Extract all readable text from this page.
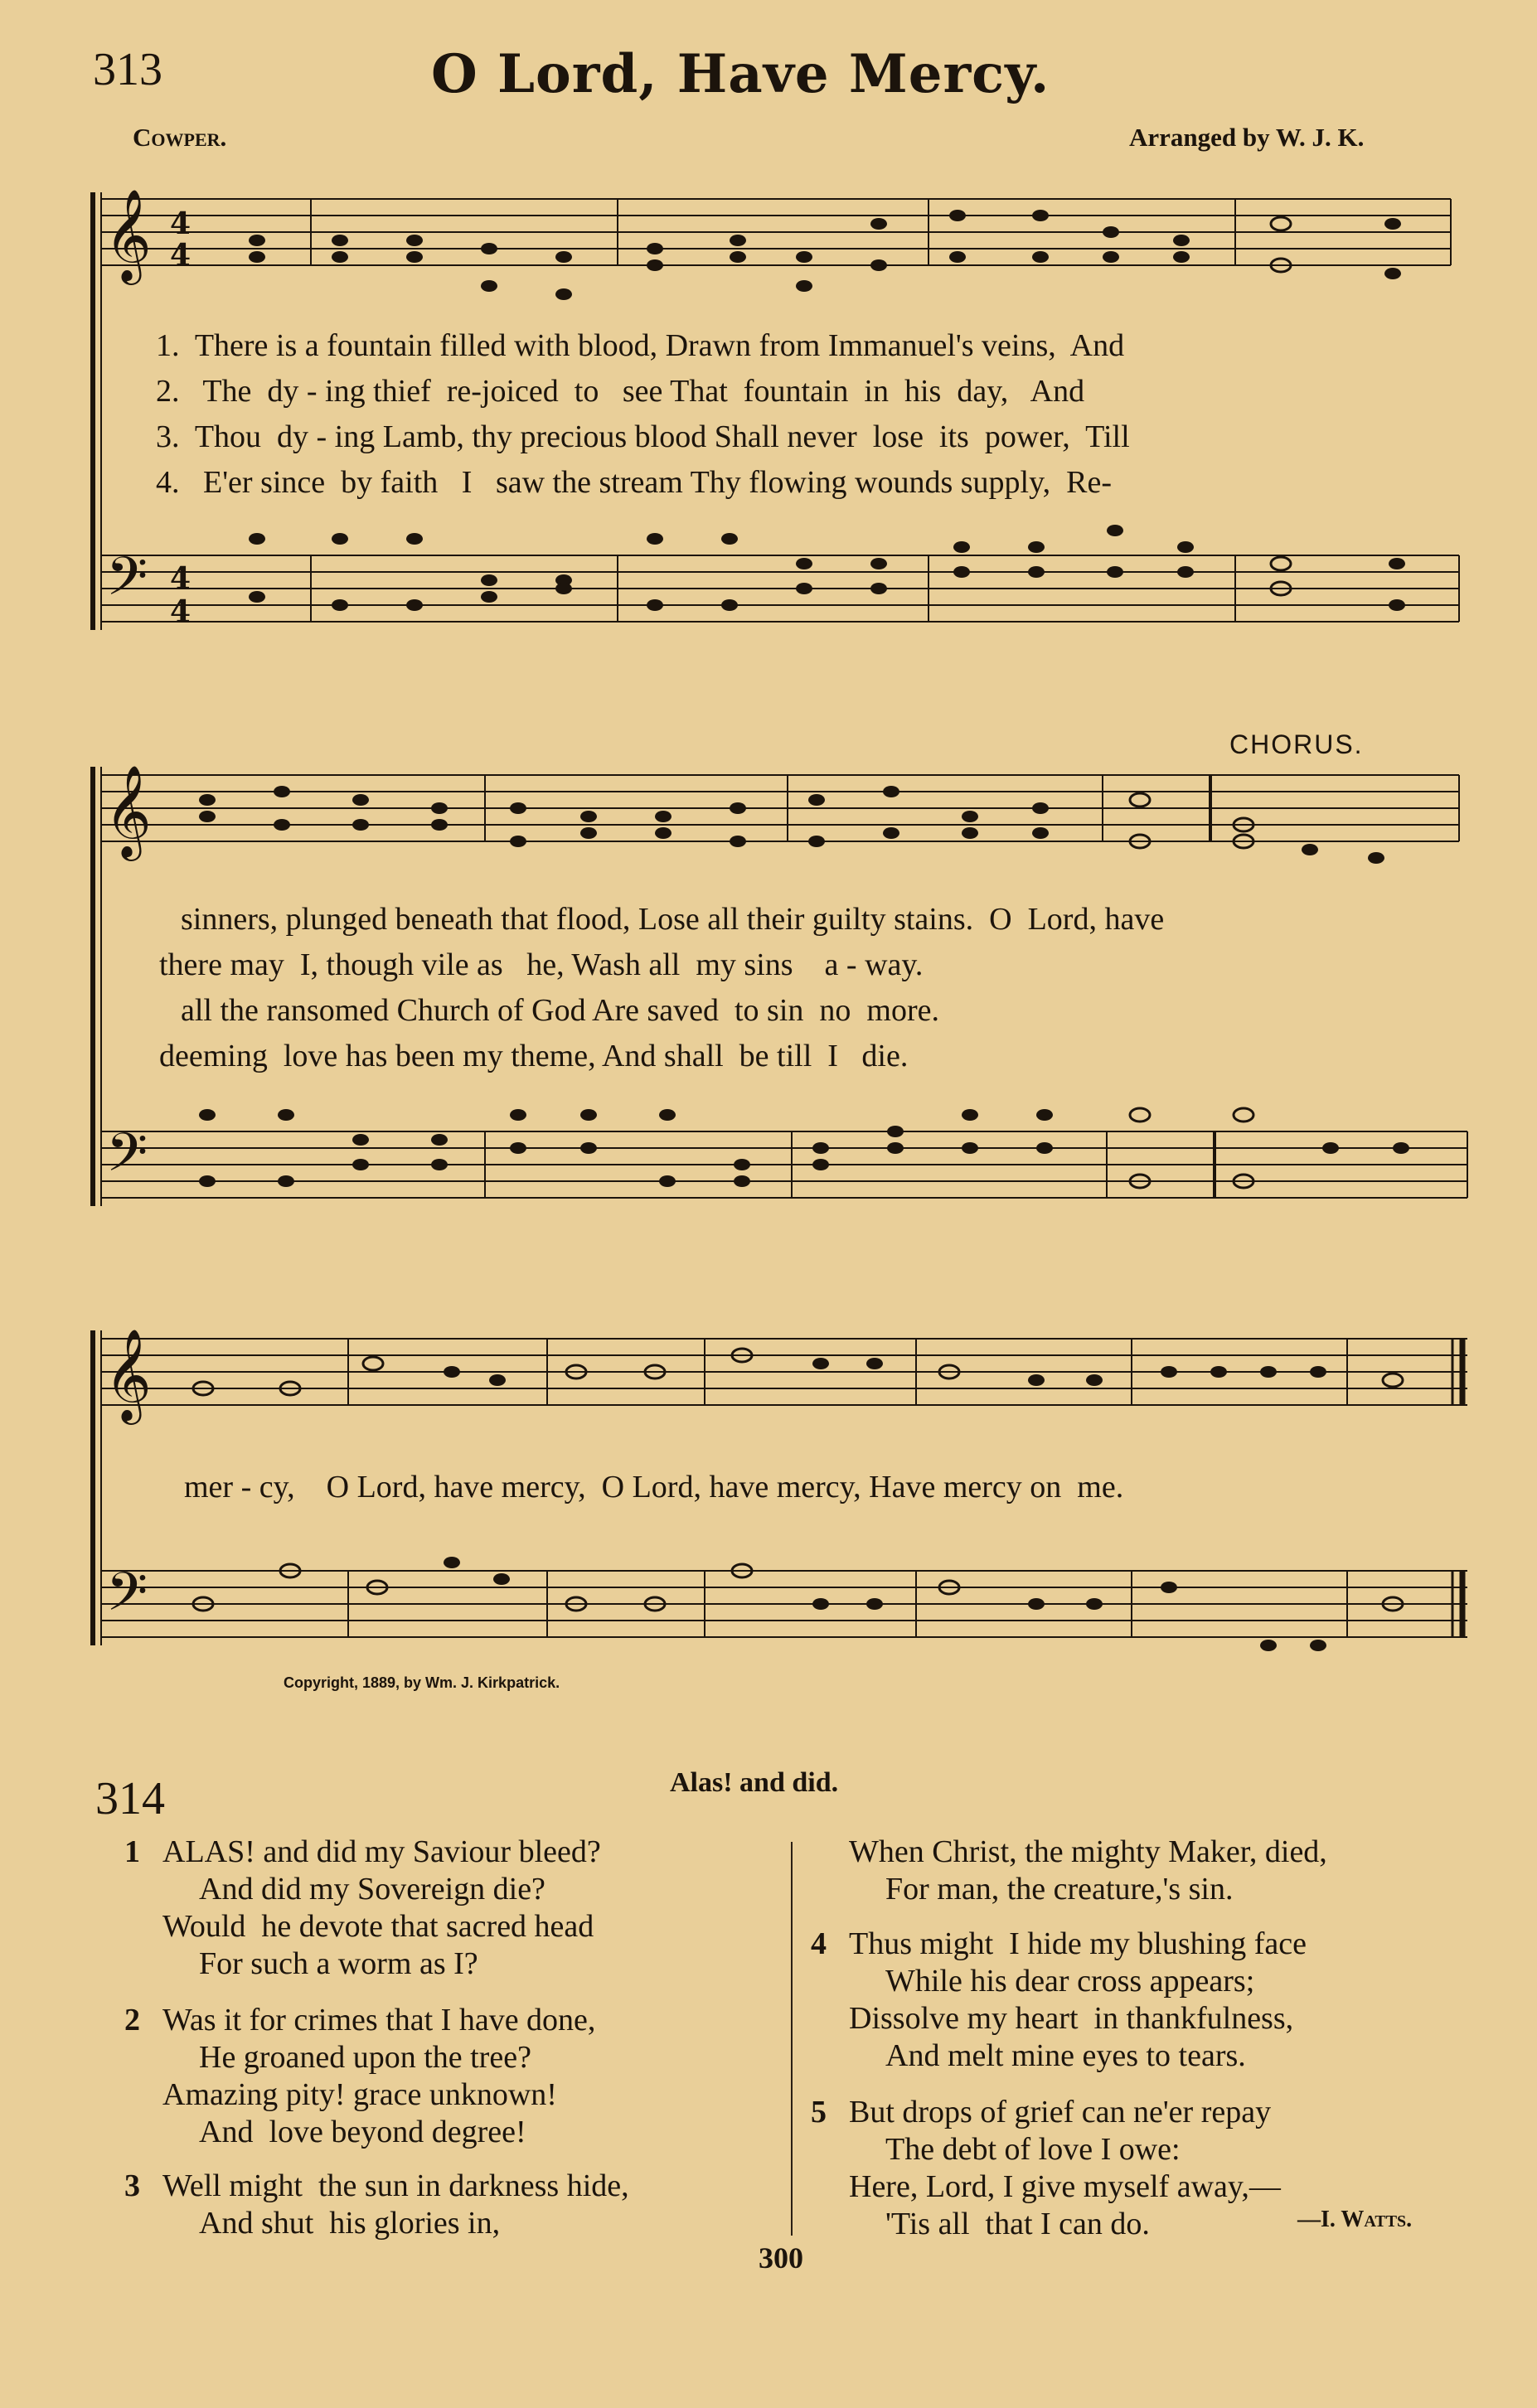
313	O Lord, Have Mercy.
Cowper.	Arranged by W. J. K.
𝄞 4
4
𝄢 4
4
𝄞
𝄢
𝄞
𝄢
1.  There is a fountain filled with blood, Drawn from Immanuel's veins,  And
2.   The  dy - ing thief  re-joiced  to   see That  fountain  in  his  day,   And
3.  Thou  dy - ing Lamb, thy precious blood Shall never  lose  its  power,  Till
4.   E'er since  by faith   I   saw the stream Thy flowing wounds supply,  Re-
CHORUS.
sinners, plunged beneath that flood, Lose all their guilty stains.  O  Lord, have
there may  I, though vile as   he, Wash all  my sins    a - way.
all the ransomed Church of God Are saved  to sin  no  more.
deeming  love has been my theme, And shall  be till  I   die.
mer - cy,    O Lord, have mercy,  O Lord, have mercy, Have mercy on  me.
Copyright, 1889, by Wm. J. Kirkpatrick.
314	Alas! and did.
1 ALAS! and did my Saviour bleed?
And did my Sovereign die?
Would  he devote that sacred head
For such a worm as I?
2 Was it for crimes that I have done,
He groaned upon the tree?
Amazing pity! grace unknown!
And  love beyond degree!
3 Well might  the sun in darkness hide,
And shut  his glories in,
When Christ, the mighty Maker, died,
For man, the creature,'s sin.
4 Thus might  I hide my blushing face
While his dear cross appears;
Dissolve my heart  in thankfulness,
And melt mine eyes to tears.
5 But drops of grief can ne'er repay
The debt of love I owe:
Here, Lord, I give myself away,—
'Tis all  that I can do.	—I. Watts.
300
